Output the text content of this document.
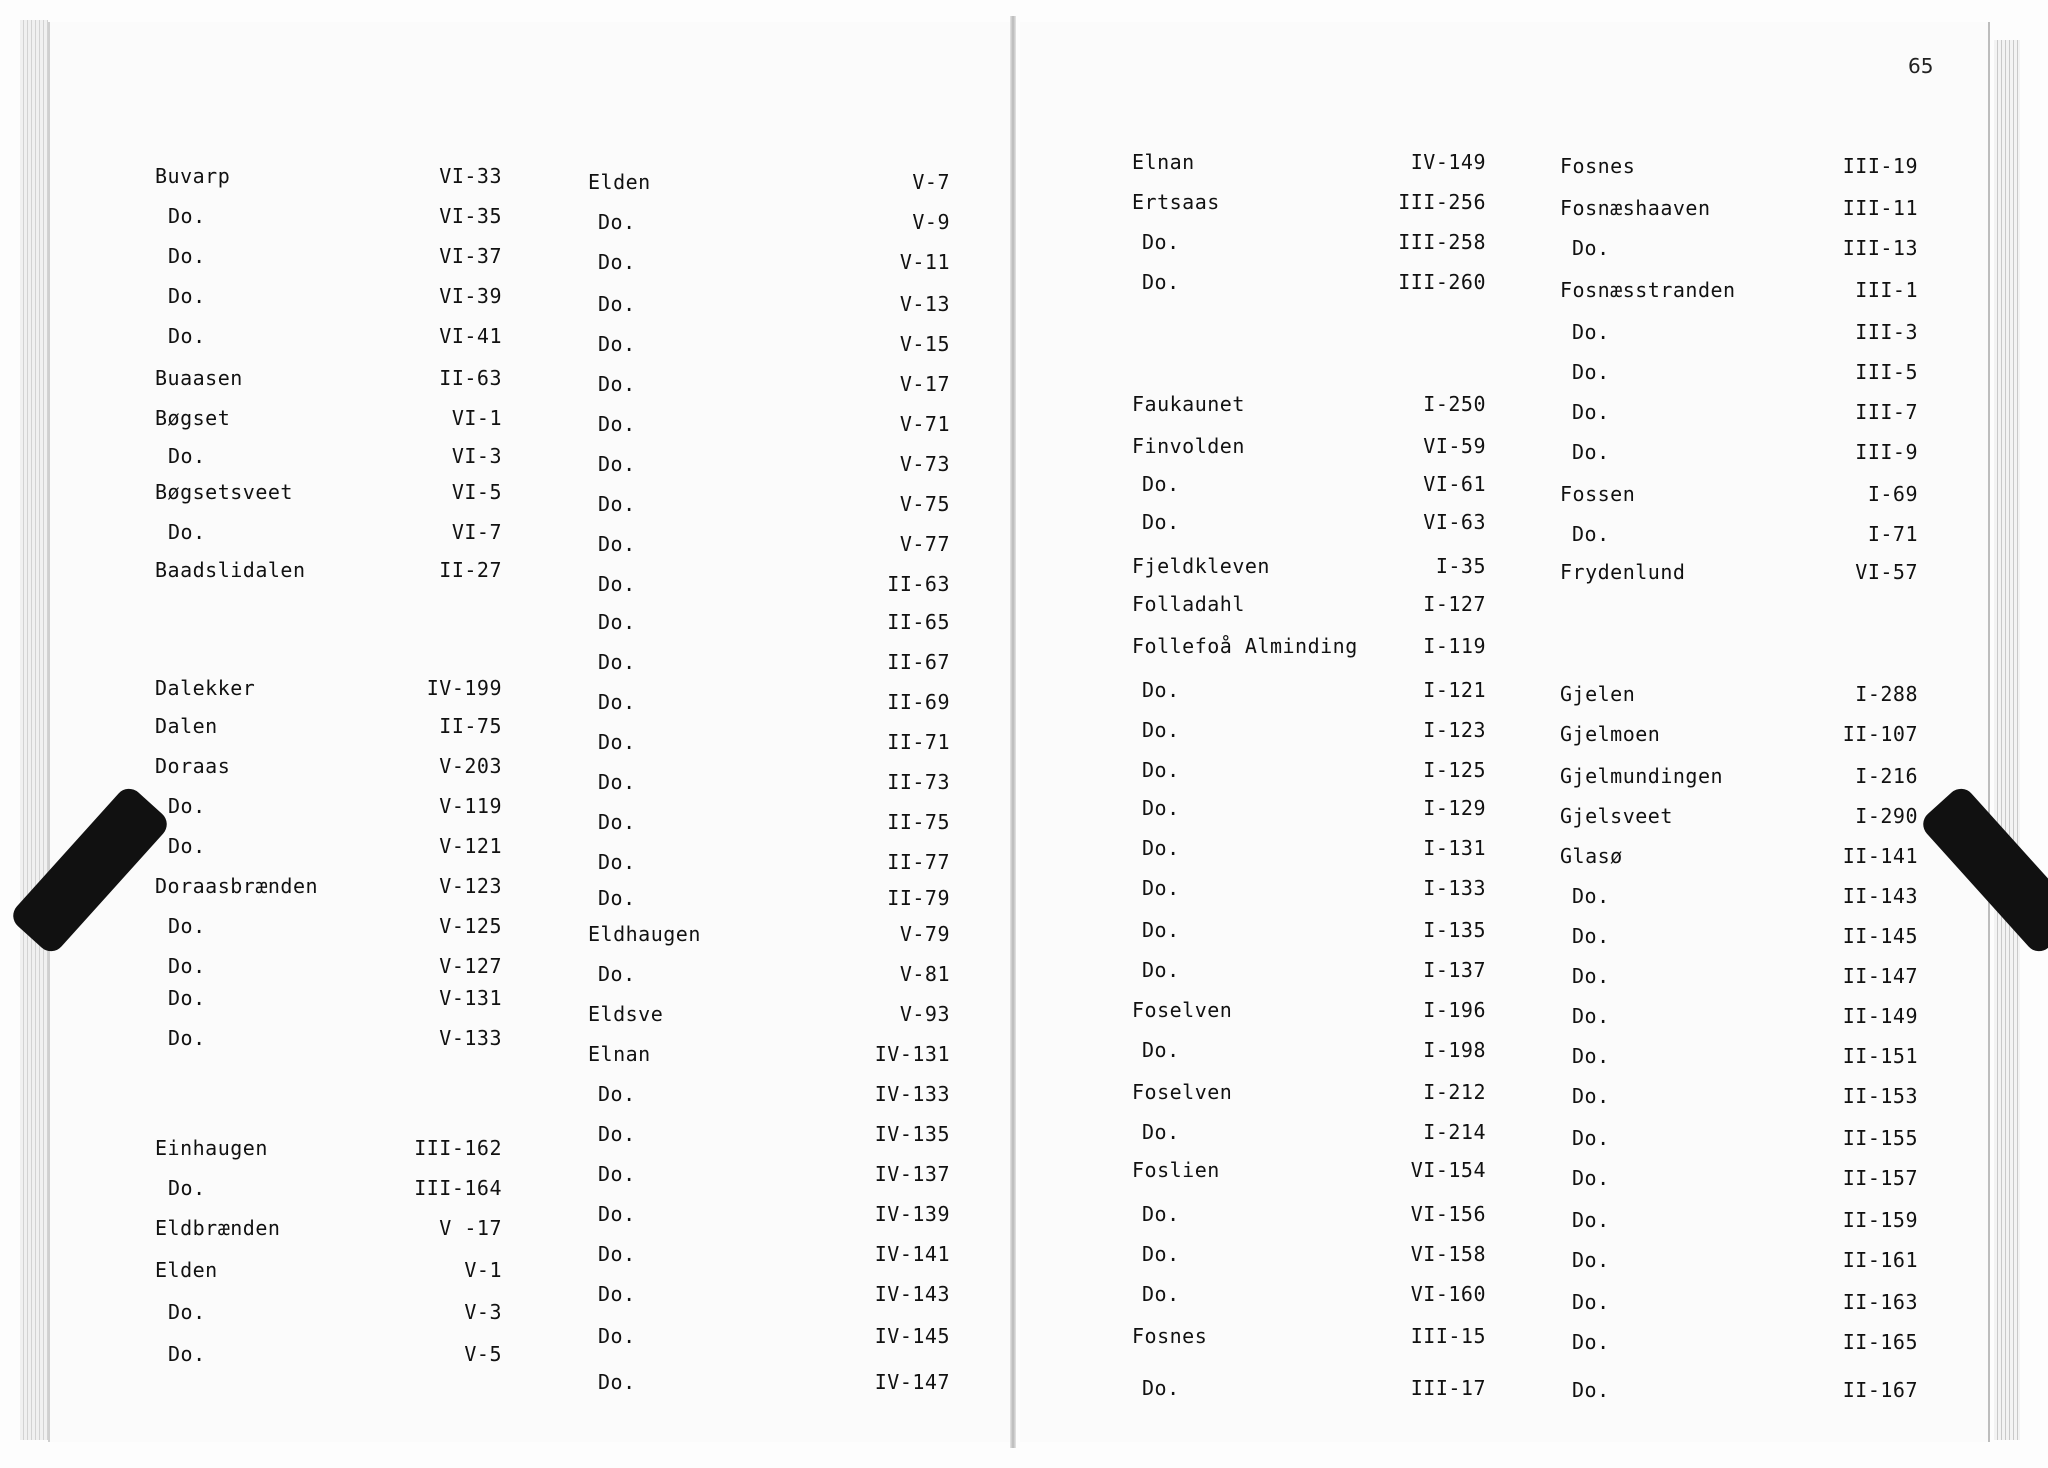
65
Buvarp	VI-33
Do.	VI-35
Do.	VI-37
Do.	VI-39
Do.	VI-41
Buaasen	II-63
Bøgset	VI-1
Do.	VI-3
Bøgsetsveet	VI-5
Do.	VI-7
Baadslidalen	II-27
Dalekker	IV-199
Dalen	II-75
Doraas	V-203
Do.	V-119
Do.	V-121
Doraasbrænden	V-123
Do.	V-125
Do.	V-127
Do.	V-131
Do.	V-133
Einhaugen	III-162
Do.	III-164
Eldbrænden	V -17
Elden	V-1
Do.	V-3
Do.	V-5
Elden	V-7
Do.	V-9
Do.	V-11
Do.	V-13
Do.	V-15
Do.	V-17
Do.	V-71
Do.	V-73
Do.	V-75
Do.	V-77
Do.	II-63
Do.	II-65
Do.	II-67
Do.	II-69
Do.	II-71
Do.	II-73
Do.	II-75
Do.	II-77
Do.	II-79
Eldhaugen	V-79
Do.	V-81
Eldsve	V-93
Elnan	IV-131
Do.	IV-133
Do.	IV-135
Do.	IV-137
Do.	IV-139
Do.	IV-141
Do.	IV-143
Do.	IV-145
Do.	IV-147
Elnan	IV-149
Ertsaas	III-256
Do.	III-258
Do.	III-260
Faukaunet	I-250
Finvolden	VI-59
Do.	VI-61
Do.	VI-63
Fjeldkleven	I-35
Folladahl	I-127
Follefoå Alminding	I-119
Do.	I-121
Do.	I-123
Do.	I-125
Do.	I-129
Do.	I-131
Do.	I-133
Do.	I-135
Do.	I-137
Foselven	I-196
Do.	I-198
Foselven	I-212
Do.	I-214
Foslien	VI-154
Do.	VI-156
Do.	VI-158
Do.	VI-160
Fosnes	III-15
Do.	III-17
Fosnes	III-19
Fosnæshaaven	III-11
Do.	III-13
Fosnæsstranden	III-1
Do.	III-3
Do.	III-5
Do.	III-7
Do.	III-9
Fossen	I-69
Do.	I-71
Frydenlund	VI-57
Gjelen	I-288
Gjelmoen	II-107
Gjelmundingen	I-216
Gjelsveet	I-290
Glasø	II-141
Do.	II-143
Do.	II-145
Do.	II-147
Do.	II-149
Do.	II-151
Do.	II-153
Do.	II-155
Do.	II-157
Do.	II-159
Do.	II-161
Do.	II-163
Do.	II-165
Do.	II-167
